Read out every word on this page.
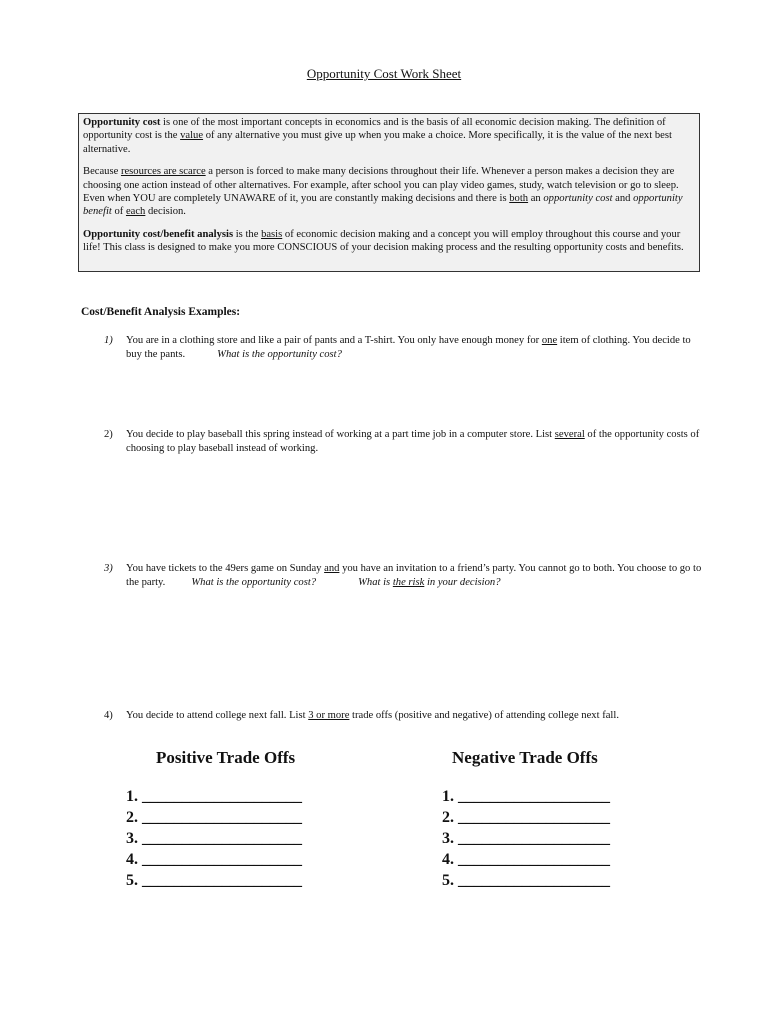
Opportunity Cost Work Sheet

Opportunity cost is one of the most important concepts in economics and is the basis of all economic decision making. The definition of opportunity cost is the value of any alternative you must give up when you make a choice. More specifically, it is the value of the next best alternative.

Because resources are scarce a person is forced to make many decisions throughout their life. Whenever a person makes a decision they are choosing one action instead of other alternatives. For example, after school you can play video games, study, watch television or go to sleep. Even when YOU are completely UNAWARE of it, you are constantly making decisions and there is both an opportunity cost and opportunity benefit of each decision.

Opportunity cost/benefit analysis is the basis of economic decision making and a concept you will employ throughout this course and your life! This class is designed to make you more CONSCIOUS of your decision making process and the resulting opportunity costs and benefits.

Cost/Benefit Analysis Examples:
1) You are in a clothing store and like a pair of pants and a T-shirt. You only have enough money for one item of clothing. You decide to buy the pants.	What is the opportunity cost?
2) You decide to play baseball this spring instead of working at a part time job in a computer store. List several of the opportunity costs of choosing to play baseball instead of working.
3) You have tickets to the 49ers game on Sunday and you have an invitation to a friend’s party. You cannot go to both. You choose to go to the party. What is the opportunity cost?	What is the risk in your decision?
4) You decide to attend college next fall. List 3 or more trade offs (positive and negative) of attending college next fall.
Positive Trade Offs
1. ____________________
2. ____________________
3. ____________________
4. ____________________
5. ____________________
Negative Trade Offs
1. ___________________
2. ___________________
3. ___________________
4. ___________________
5. ___________________
